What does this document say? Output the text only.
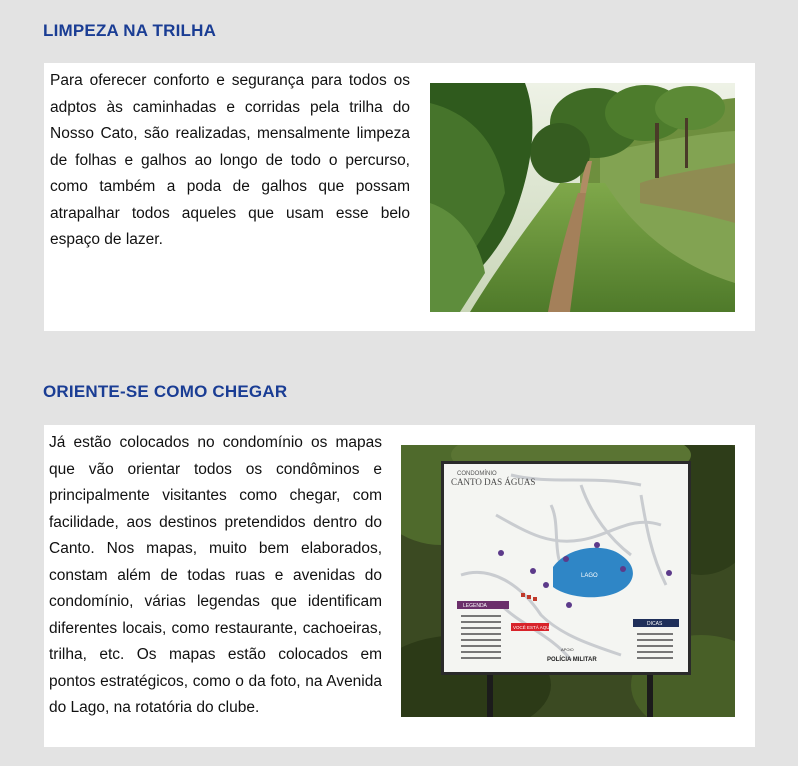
LIMPEZA NA TRILHA

Para oferecer conforto e segurança para todos os adptos às caminhadas e corridas pela trilha do Nosso Cato, são realizadas, mensalmente limpeza de folhas e galhos ao longo de todo o percurso, como também a poda de galhos que possam atrapalhar todos aqueles que usam esse belo espaço de lazer.

ORIENTE-SE COMO CHEGAR

Já estão colocados no condomínio os mapas que vão orientar todos os condôminos e principalmente visitantes como chegar, com facilidade, aos destinos pretendidos dentro do Canto. Nos mapas, muito bem elaborados, constam além de todas ruas e avenidas do condomínio, várias legendas que identificam diferentes locais, como restaurante, cachoeiras, trilha, etc. Os mapas estão colocados em pontos estratégicos, como o da foto, na Avenida do Lago, na rotatória do clube.

CONDOMÍNIO
CANTO DAS ÁGUAS
LAGO
LEGENDA
VOCÊ ESTÁ AQUI
DICAS
APOIO
POLÍCIA MILITAR
